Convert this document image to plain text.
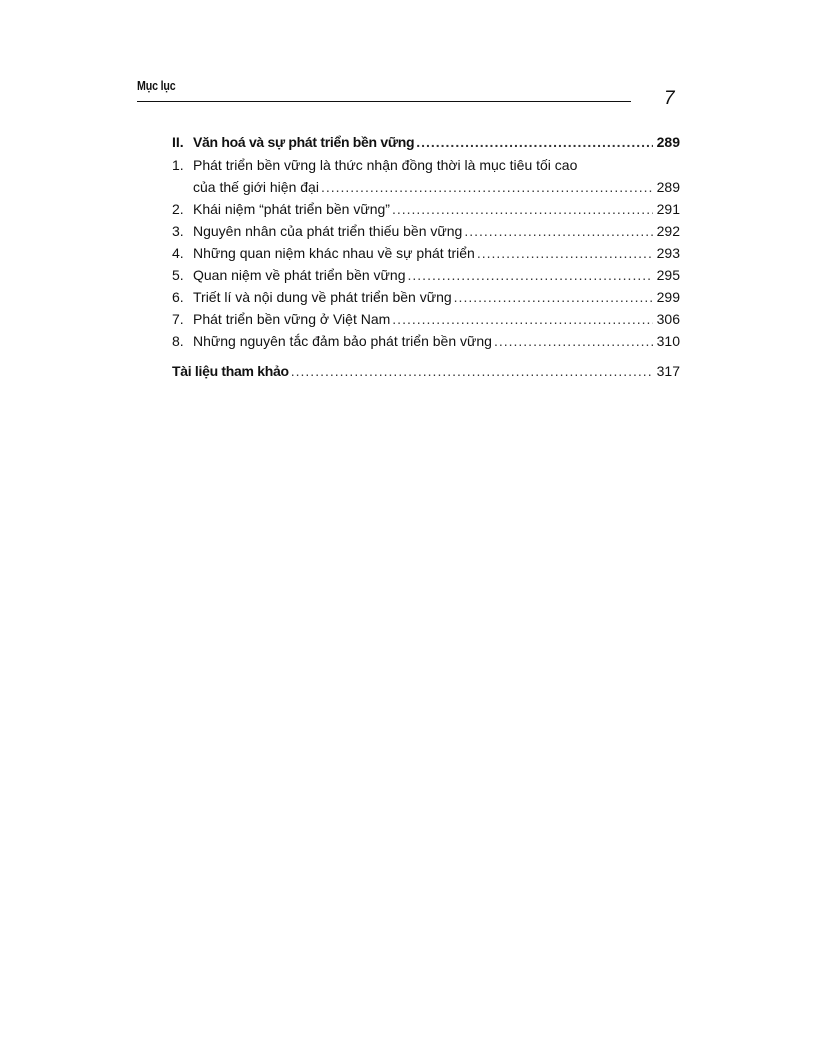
Mục lục
7
II. Văn hoá và sự phát triển bền vững .....	289
1. Phát triển bền vững là thức nhận đồng thời là mục tiêu tối cao
của thế giới hiện đại .....	289
2. Khái niệm “phát triển bền vững” .....	291
3. Nguyên nhân của phát triển thiếu bền vững .....	292
4. Những quan niệm khác nhau về sự phát triển .....	293
5. Quan niệm về phát triển bền vững .....	295
6. Triết lí và nội dung về phát triển bền vững .....	299
7. Phát triển bền vững ở Việt Nam .....	306
8. Những nguyên tắc đảm bảo phát triển bền vững .....	310
Tài liệu tham khảo .....	317
